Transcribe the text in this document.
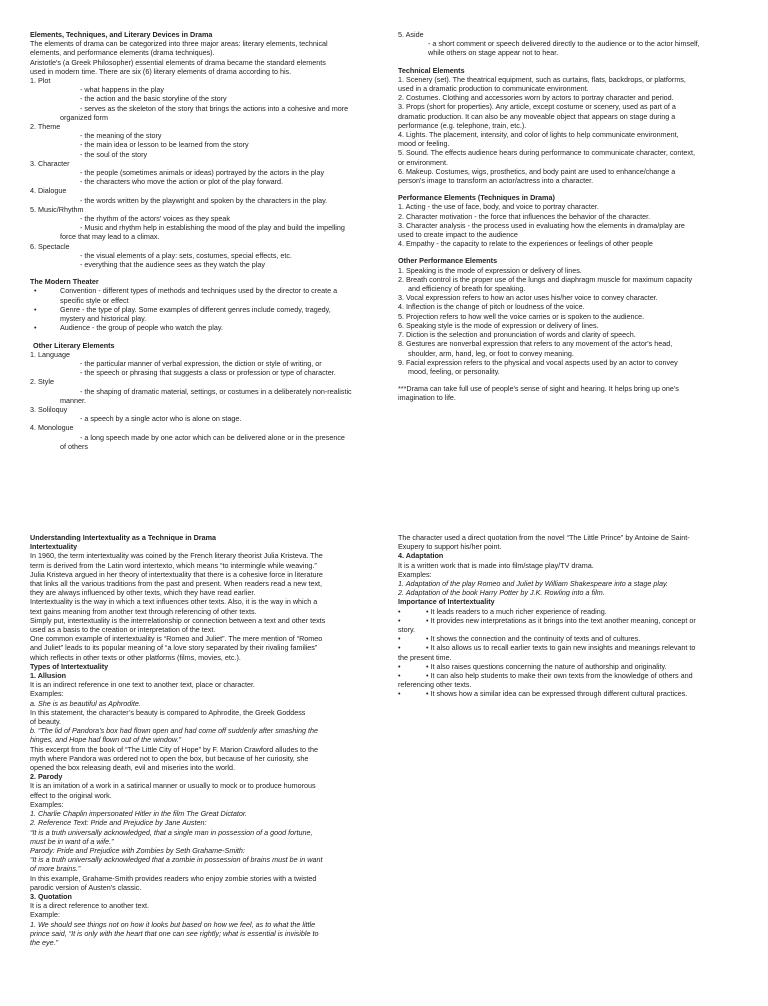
Elements, Techniques, and Literary Devices in Drama

The elements of drama can be categorized into three major areas: literary elements, technical

elements, and performance elements (drama techniques).

Aristotle's (a Greek Philosopher) essential elements of drama became the standard elements

used in modern time. There are six (6) literary elements of drama according to his.

1. Plot

- what happens in the play

- the action and the basic storyline of the story

- serves as the skeleton of the story that brings the actions into a cohesive and more

organized form

2. Theme

- the meaning of the story

- the main idea or lesson to be learned from the story

- the soul of the story

3. Character

- the people (sometimes animals or ideas) portrayed by the actors in the play

- the characters who move the action or plot of the play forward.

4. Dialogue

- the words written by the playwright and spoken by the characters in the play.

5. Music/Rhythm

- the rhythm of the actors' voices as they speak

- Music and rhythm help in establishing the mood of the play and build the impelling

force that may lead to a climax.

6. Spectacle

- the visual elements of a play: sets, costumes, special effects, etc.

- everything that the audience sees as they watch the play

The Modern Theater

•	Convention - different types of methods and techniques used by the director to create a

specific style or effect

•	Genre - the type of play. Some examples of different genres include comedy, tragedy,

mystery and historical play.

•	Audience - the group of people who watch the play.

Other Literary Elements

1. Language

- the particular manner of verbal expression, the diction or style of writing, or

- the speech or phrasing that suggests a class or profession or type of character.

2. Style

- the shaping of dramatic material, settings, or costumes in a deliberately non-realistic

manner.

3. Soliloquy

- a speech by a single actor who is alone on stage.

4. Monologue

- a long speech made by one actor which can be delivered alone or in the presence

of others

5. Aside

- a short comment or speech delivered directly to the audience or to the actor himself,

while others on stage appear not to hear.

Technical Elements

1. Scenery (set). The theatrical equipment, such as curtains, flats, backdrops, or platforms,

used in a dramatic production to communicate environment.

2. Costumes. Clothing and accessories worn by actors to portray character and period.

3. Props (short for properties). Any article, except costume or scenery, used as part of a

dramatic production. It can also be any moveable object that appears on stage during a

performance (e.g. telephone, train, etc.).

4. Lights. The placement, intensity, and color of lights to help communicate environment,

mood or feeling.

5. Sound. The effects audience hears during performance to communicate character, context,

or environment.

6. Makeup. Costumes, wigs, prosthetics, and body paint are used to enhance/change a

person's image to transform an actor/actress into a character.

Performance Elements (Techniques in Drama)

1. Acting - the use of face, body, and voice to portray character.

2. Character motivation - the force that influences the behavior of the character.

3. Character analysis - the process used in evaluating how the elements in drama/play are

used to create impact to the audience

4. Empathy - the capacity to relate to the experiences or feelings of other people

Other Performance Elements

1. Speaking is the mode of expression or delivery of lines.

2. Breath control is the proper use of the lungs and diaphragm muscle for maximum capacity

and efficiency of breath for speaking.

3. Vocal expression refers to how an actor uses his/her voice to convey character.

4. Inflection is the change of pitch or loudness of the voice.

5. Projection refers to how well the voice carries or is spoken to the audience.

6. Speaking style is the mode of expression or delivery of lines.

7. Diction is the selection and pronunciation of words and clarity of speech.

8. Gestures are nonverbal expression that refers to any movement of the actor's head,

shoulder, arm, hand, leg, or foot to convey meaning.

9. Facial expression refers to the physical and vocal aspects used by an actor to convey

mood, feeling, or personality.

***Drama can take full use of people's sense of sight and hearing. It helps bring up one's

imagination to life.

Understanding Intertextuality as a Technique in Drama

Intertextuality

In 1960, the term intertextuality was coined by the French literary theorist Julia Kristeva. The

term is derived from the Latin word intertexto, which means “to intermingle while weaving.”

Julia Kristeva argued in her theory of intertextuality that there is a cohesive force in literature

that links all the various traditions from the past and present. When readers read a new text,

they are always influenced by other texts, which they have read earlier.

Intertextuality is the way in which a text influences other texts. Also, it is the way in which a

text gains meaning from another text through referencing of other texts.

Simply put, intertextuality is the interrelationship or connection between a text and other texts

used as a basis to the creation or interpretation of the text.

One common example of intertextuality is “Romeo and Juliet”. The mere mention of “Romeo

and Juliet” leads to its popular meaning of “a love story separated by their rivaling families”

which reflects in other texts or other platforms (films, movies, etc.).

Types of Intertextuality

1. Allusion

It is an indirect reference in one text to another text, place or character.

Examples:

a. She is as beautiful as Aphrodite.

In this statement, the character’s beauty is compared to Aphrodite, the Greek Goddess

of beauty.

b. “The lid of Pandora’s box had flown open and had come off suddenly after smashing the

hinges, and Hope had flown out of the window.”

This excerpt from the book of “The Little City of Hope” by F. Marion Crawford alludes to the

myth where Pandora was ordered not to open the box, but because of her curiosity, she

opened the box releasing death, evil and miseries into the world.

2. Parody

It is an imitation of a work in a satirical manner or usually to mock or to produce humorous

effect to the original work.

Examples:

1. Charlie Chaplin impersonated Hitler in the film The Great Dictator.

2. Reference Text: Pride and Prejudice by Jane Austen:

“It is a truth universally acknowledged, that a single man in possession of a good fortune,

must be in want of a wife.”

Parody: Pride and Prejudice with Zombies by Seth Grahame-Smith:

“It is a truth universally acknowledged that a zombie in possession of brains must be in want

of more brains.”

In this example, Grahame-Smith provides readers who enjoy zombie stories with a twisted

parodic version of Austen’s classic.

3. Quotation

It is a direct reference to another text.

Example:

1. We should see things not on how it looks but based on how we feel, as to what the little

prince said, “It is only with the heart that one can see rightly; what is essential is invisible to

the eye.”

The character used a direct quotation from the novel “The Little Prince” by Antoine de Saint-

Exupery to support his/her point.

4. Adaptation

It is a written work that is made into film/stage play/TV drama.

Examples:

1. Adaptation of the play Romeo and Juliet by William Shakespeare into a stage play.

2. Adaptation of the book Harry Potter by J.K. Rowling into a film.

Importance of Intertextuality

•	• It leads readers to a much richer experience of reading.
•	• It provides new interpretations as it brings into the text another meaning, concept or

story.

•	• It shows the connection and the continuity of texts and of cultures.
•	• It also allows us to recall earlier texts to gain new insights and meanings relevant to

the present time.

•	• It also raises questions concerning the nature of authorship and originality.
•	• It can also help students to make their own texts from the knowledge of others and

referencing other texts.

•	• It shows how a similar idea can be expressed through different cultural practices.
